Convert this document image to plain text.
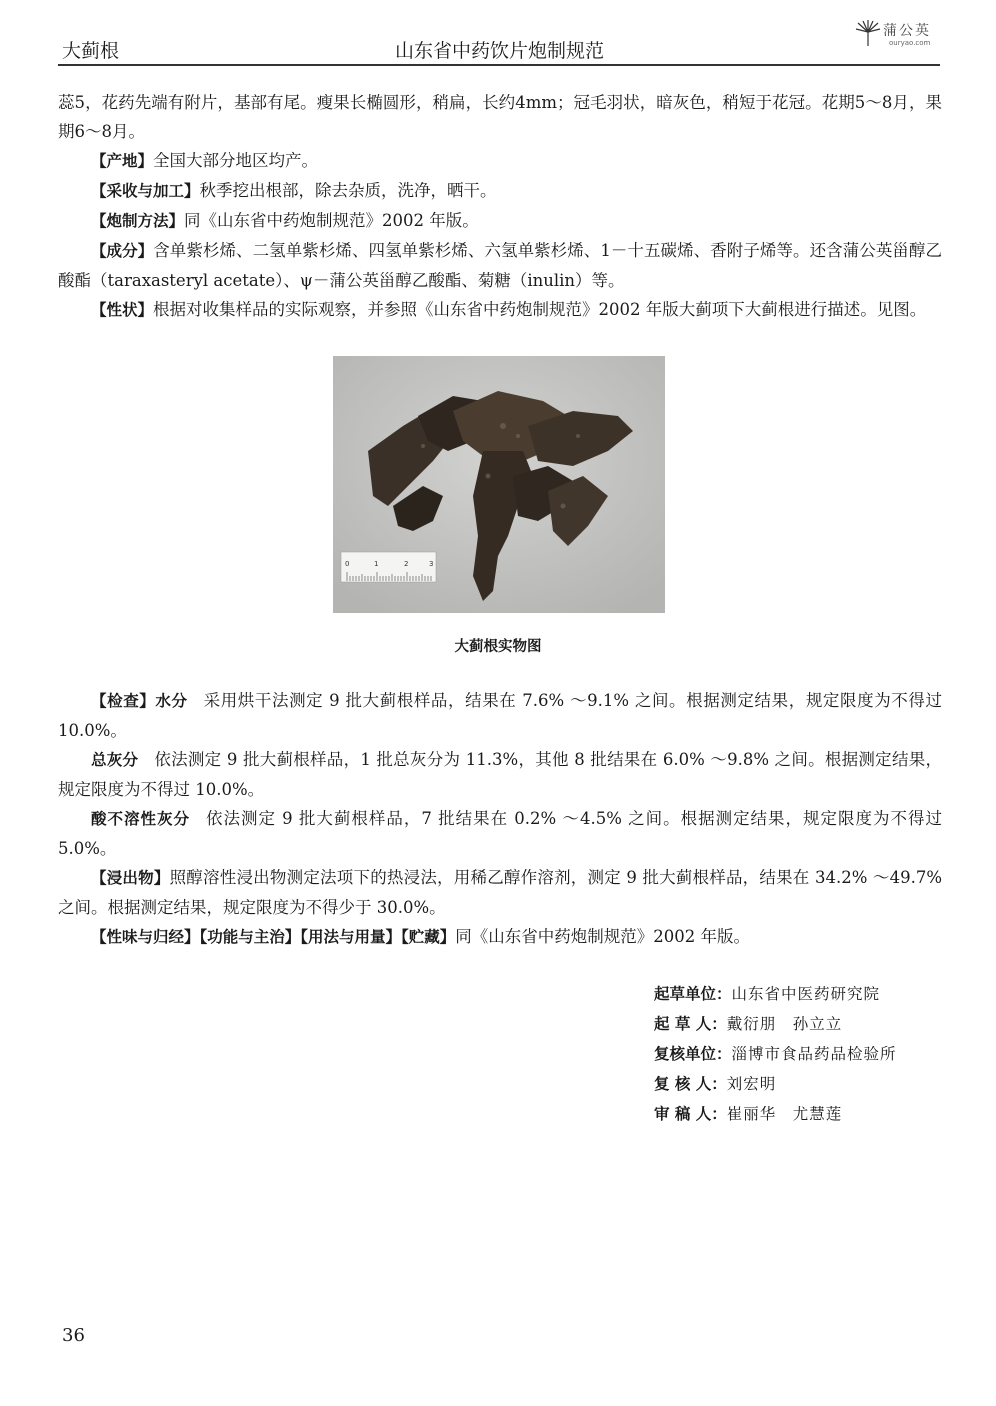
大蓟根	山东省中药饮片炮制规范
蒲公英
ouryao.com

蕊5，花药先端有附片，基部有尾。瘦果长椭圆形，稍扁，长约4mm；冠毛羽状，暗灰色，稍短于花冠。花期5～8月，果期6～8月。

【产地】全国大部分地区均产。

【采收与加工】秋季挖出根部，除去杂质，洗净，晒干。

【炮制方法】同《山东省中药炮制规范》2002 年版。

【成分】含单紫杉烯、二氢单紫杉烯、四氢单紫杉烯、六氢单紫杉烯、1－十五碳烯、香附子烯等。还含蒲公英甾醇乙酸酯（taraxasteryl acetate）、ψ－蒲公英甾醇乙酸酯、菊糖（inulin）等。

【性状】根据对收集样品的实际观察，并参照《山东省中药炮制规范》2002 年版大蓟项下大蓟根进行描述。见图。

0	1	2	3
大蓟根实物图

【检查】水分 采用烘干法测定 9 批大蓟根样品，结果在 7.6% ～9.1% 之间。根据测定结果，规定限度为不得过 10.0%。

总灰分 依法测定 9 批大蓟根样品，1 批总灰分为 11.3%，其他 8 批结果在 6.0% ～9.8% 之间。根据测定结果，规定限度为不得过 10.0%。

酸不溶性灰分 依法测定 9 批大蓟根样品，7 批结果在 0.2% ～4.5% 之间。根据测定结果，规定限度为不得过 5.0%。

【浸出物】照醇溶性浸出物测定法项下的热浸法，用稀乙醇作溶剂，测定 9 批大蓟根样品，结果在 34.2% ～49.7% 之间。根据测定结果，规定限度为不得少于 30.0%。

【性味与归经】【功能与主治】【用法与用量】【贮藏】同《山东省中药炮制规范》2002 年版。

起草单位：山东省中医药研究院
起 草 人：戴衍朋　孙立立
复核单位：淄博市食品药品检验所
复 核 人：刘宏明
审 稿 人：崔丽华　尤慧莲
36
